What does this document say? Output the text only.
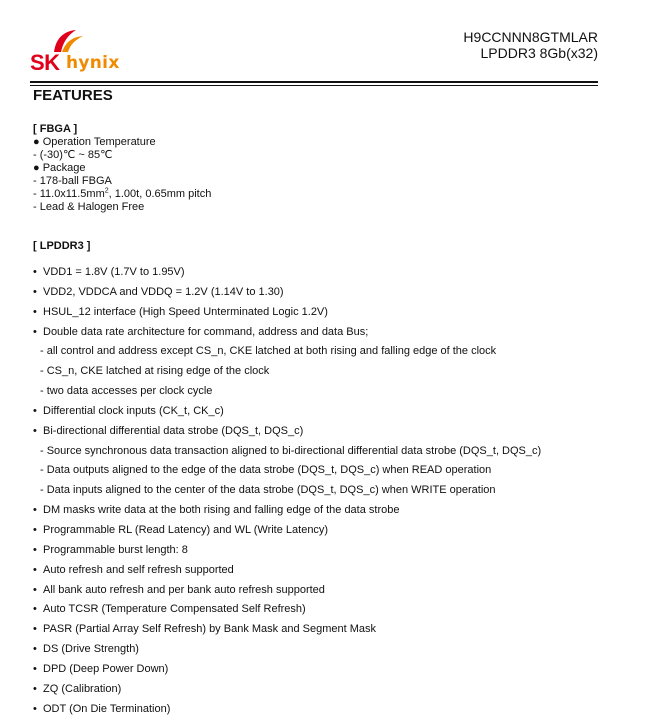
SK hynix
H9CCNNN8GTMLAR
LPDDR3 8Gb(x32)
FEATURES
[ FBGA ]
● Operation Temperature
- (-30)℃ ~ 85℃
● Package
- 178-ball FBGA
- $11.0x11.5mm^2$, 1.00t, 0.65mm pitch
- Lead & Halogen Free
[ LPDDR3 ]
• VDD1 = 1.8V (1.7V to 1.95V)
• VDD2, VDDCA and VDDQ = 1.2V (1.14V to 1.30)
• HSUL_12 interface (High Speed Unterminated Logic 1.2V)
• Double data rate architecture for command, address and data Bus;
- all control and address except CS_n, CKE latched at both rising and falling edge of the clock
- CS_n, CKE latched at rising edge of the clock
- two data accesses per clock cycle
• Differential clock inputs (CK_t, CK_c)
• Bi-directional differential data strobe (DQS_t, DQS_c)
- Source synchronous data transaction aligned to bi-directional differential data strobe (DQS_t, DQS_c)
- Data outputs aligned to the edge of the data strobe (DQS_t, DQS_c) when READ operation
- Data inputs aligned to the center of the data strobe (DQS_t, DQS_c) when WRITE operation
• DM masks write data at the both rising and falling edge of the data strobe
• Programmable RL (Read Latency) and WL (Write Latency)
• Programmable burst length: 8
• Auto refresh and self refresh supported
• All bank auto refresh and per bank auto refresh supported
• Auto TCSR (Temperature Compensated Self Refresh)
• PASR (Partial Array Self Refresh) by Bank Mask and Segment Mask
• DS (Drive Strength)
• DPD (Deep Power Down)
• ZQ (Calibration)
• ODT (On Die Termination)
